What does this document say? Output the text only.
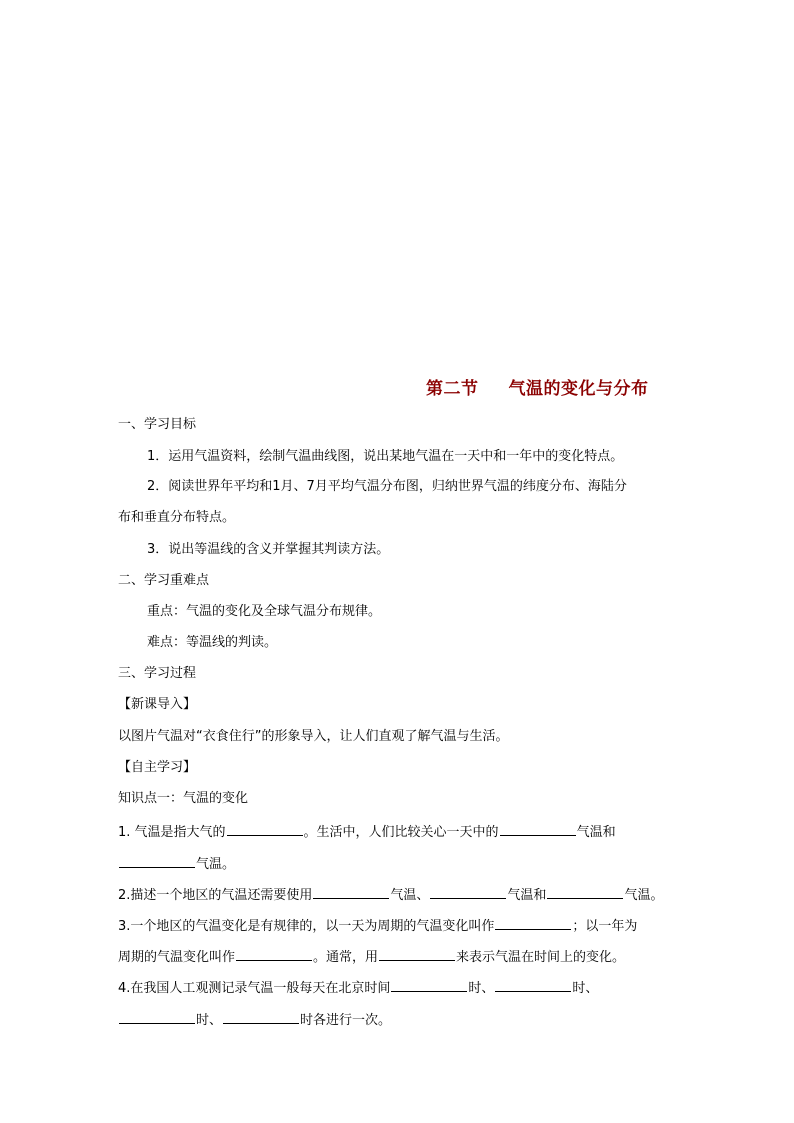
第二节 气温的变化与分布
一、学习目标
1．运用气温资料，绘制气温曲线图，说出某地气温在一天中和一年中的变化特点。
2．阅读世界年平均和1月、7月平均气温分布图，归纳世界气温的纬度分布、海陆分
布和垂直分布特点。
3．说出等温线的含义并掌握其判读方法。
二、学习重难点
重点：气温的变化及全球气温分布规律。
难点：等温线的判读。
三、学习过程
【新课导入】
以图片气温对“衣食住行”的形象导入，让人们直观了解气温与生活。
【自主学习】
知识点一：气温的变化
1. 气温是指大气的	。生活中，人们比较关心一天中的	气温和
气温。
2.描述一个地区的气温还需要使用	气温、	气温和	气温。
3.一个地区的气温变化是有规律的，以一天为周期的气温变化叫作	；以一年为
周期的气温变化叫作	。通常，用	来表示气温在时间上的变化。
4.在我国人工观测记录气温一般每天在北京时间	时、	时、
时、	时各进行一次。
